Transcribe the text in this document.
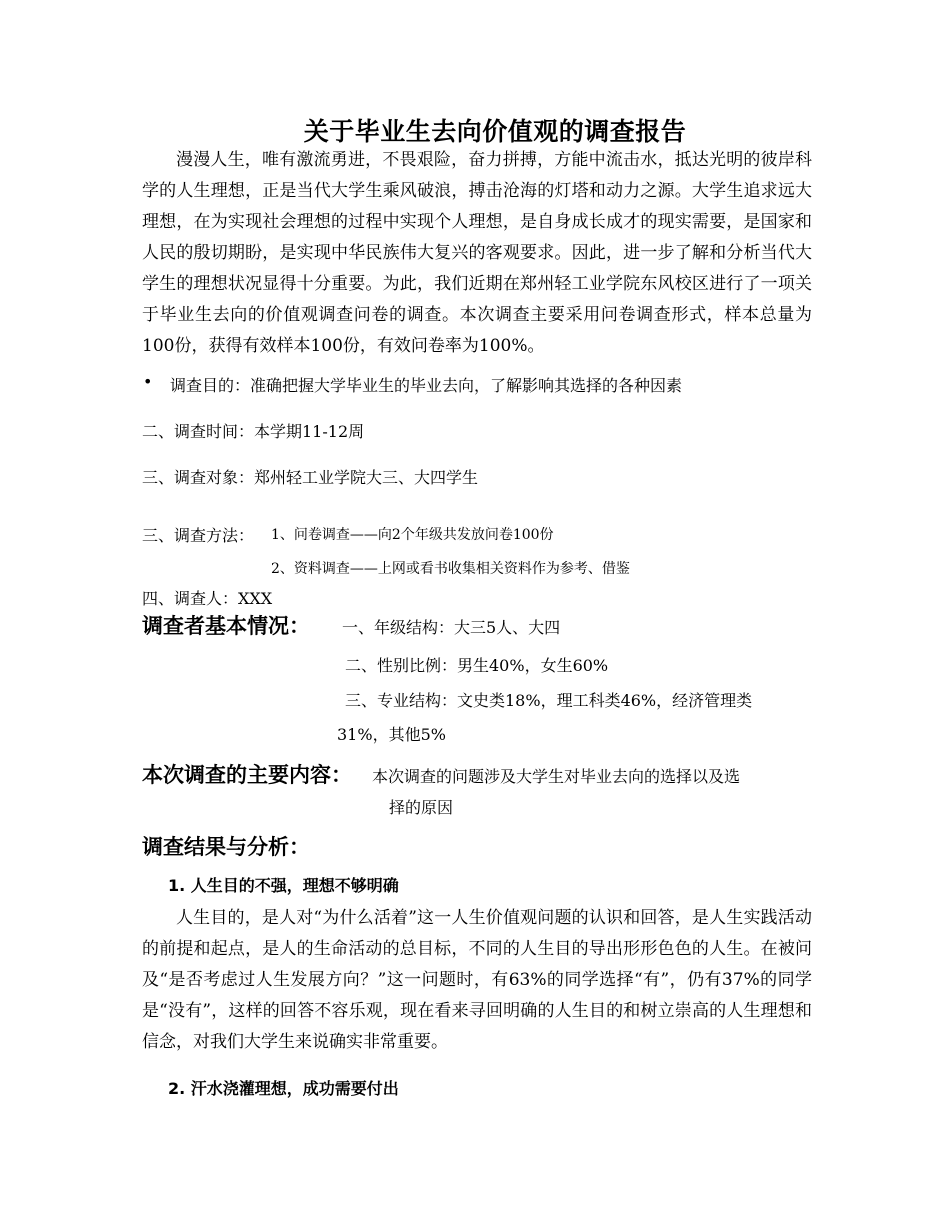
关于毕业生去向价值观的调查报告
漫漫人生，唯有激流勇进，不畏艰险，奋力拼搏，方能中流击水，抵达光明的彼岸科学的人生理想，正是当代大学生乘风破浪，搏击沧海的灯塔和动力之源。大学生追求远大理想，在为实现社会理想的过程中实现个人理想，是自身成长成才的现实需要，是国家和人民的殷切期盼，是实现中华民族伟大复兴的客观要求。因此，进一步了解和分析当代大学生的理想状况显得十分重要。为此，我们近期在郑州轻工业学院东风校区进行了一项关于毕业生去向的价值观调查问卷的调查。本次调查主要采用问卷调查形式，样本总量为100份，获得有效样本100份，有效问卷率为100%。
• 调查目的：准确把握大学毕业生的毕业去向，了解影响其选择的各种因素
二、调查时间：本学期11-12周
三、调查对象：郑州轻工业学院大三、大四学生
三、调查方法： 1、问卷调查——向2个年级共发放问卷100份
2、资料调查——上网或看书收集相关资料作为参考、借鉴
四、调查人：XXX
调查者基本情况： 一、年级结构：大三5人、大四
二、性别比例：男生40%，女生60%
三、专业结构：文史类18%，理工科类46%，经济管理类
31%，其他5%
本次调查的主要内容： 本次调查的问题涉及大学生对毕业去向的选择以及选
择的原因
调查结果与分析：
1. 人生目的不强，理想不够明确
人生目的，是人对“为什么活着”这一人生价值观问题的认识和回答，是人生实践活动的前提和起点，是人的生命活动的总目标，不同的人生目的导出形形色色的人生。在被问及“是否考虑过人生发展方向？”这一问题时，有63%的同学选择“有”，仍有37%的同学是“没有”，这样的回答不容乐观，现在看来寻回明确的人生目的和树立崇高的人生理想和信念，对我们大学生来说确实非常重要。
2. 汗水浇灌理想，成功需要付出
